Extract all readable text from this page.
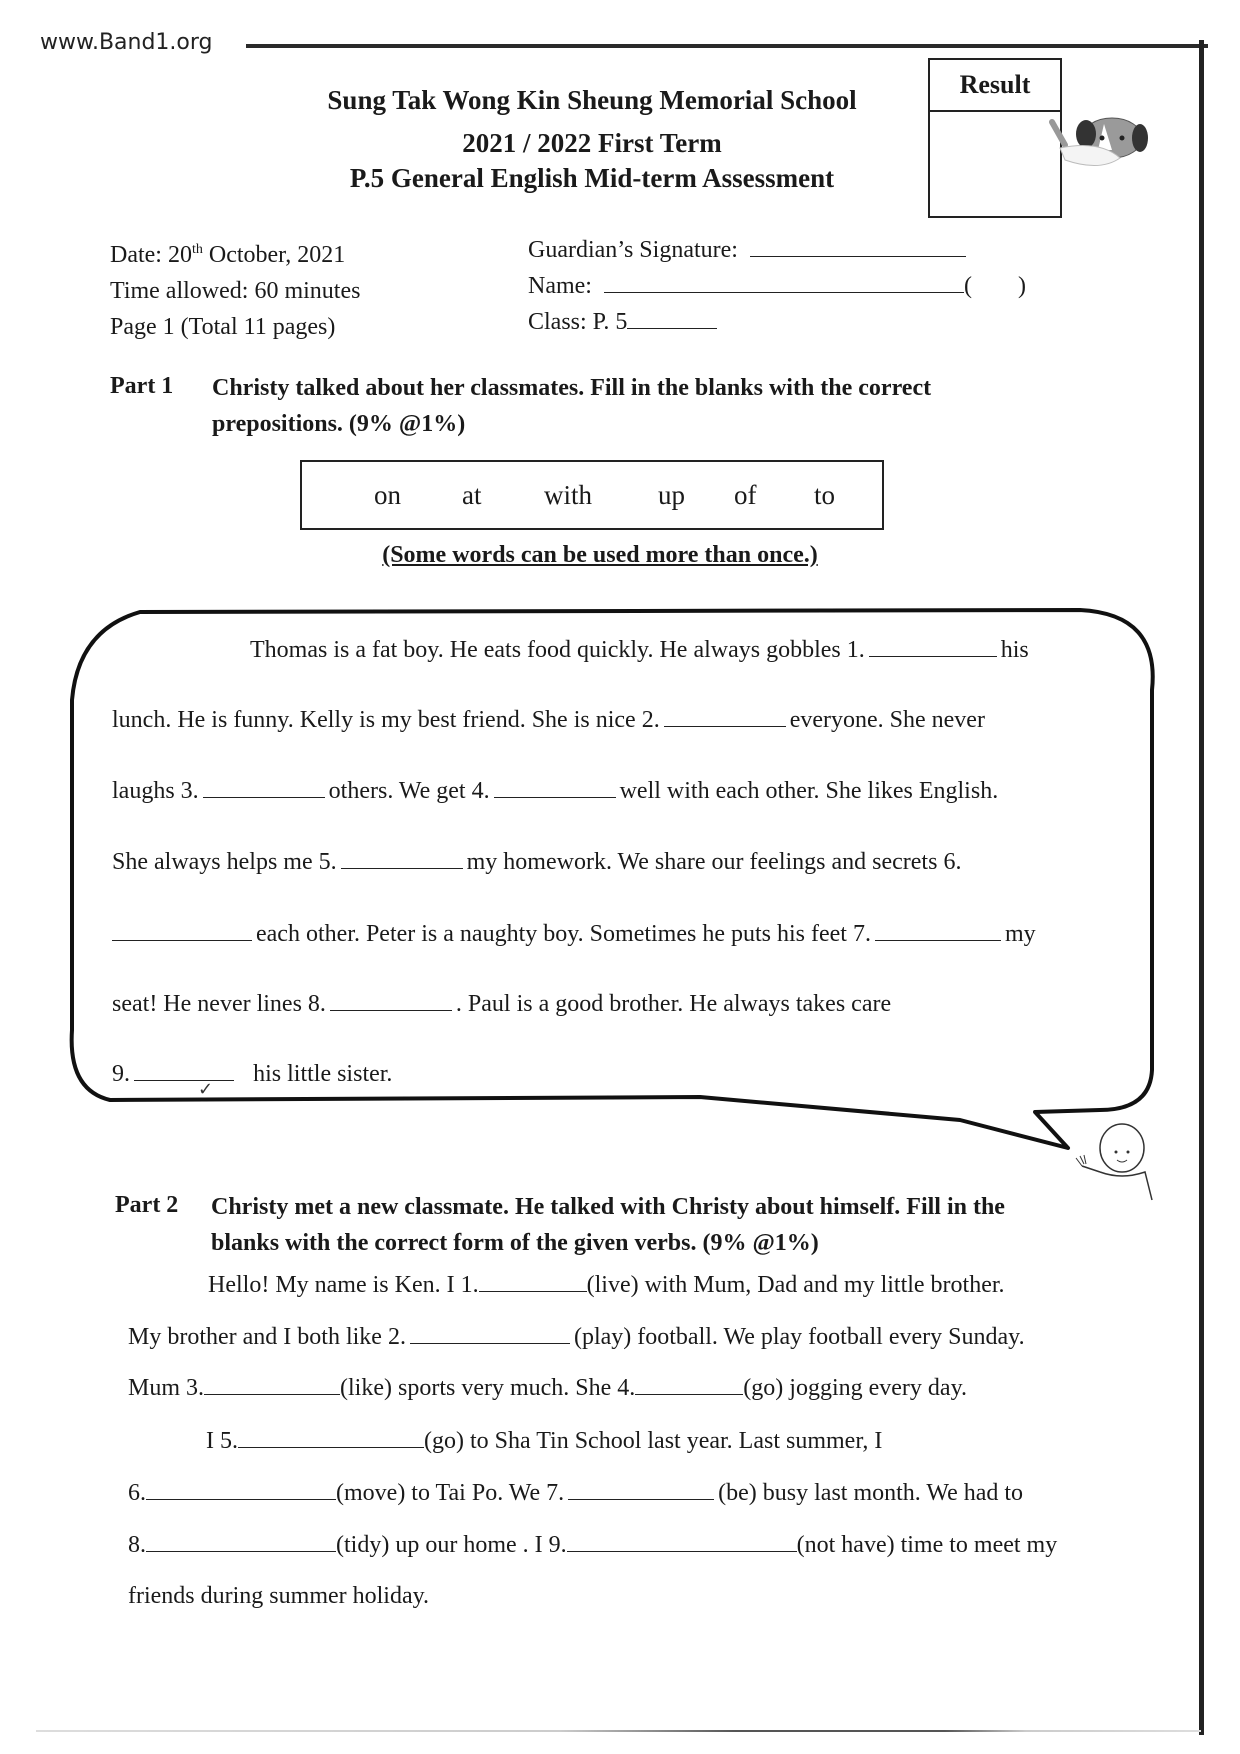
www.Band1.org
Sung Tak Wong Kin Sheung Memorial School
2021 / 2022 First Term
P.5 General English Mid-term Assessment
Result
Date: 20th October, 2021
Time allowed: 60 minutes
Page 1 (Total 11 pages)
Guardian’s Signature:
Name:	( )
Class: P. 5
Part 1 Christy talked about her classmates. Fill in the blanks with the correct
prepositions. (9% @1%)
on at with up of to
(Some words can be used more than once.)
Thomas is a fat boy. He eats food quickly. He always gobbles 1.	his
lunch. He is funny. Kelly is my best friend. She is nice 2.	everyone. She never
laughs 3.	others. We get 4.	well with each other. She likes English.
She always helps me 5.	my homework. We share our feelings and secrets 6.
each other. Peter is a naughty boy. Sometimes he puts his feet 7.	my
seat! He never lines 8.	. Paul is a good brother. He always takes care
$9._✓his$ little sister.
Part 2 Christy met a new classmate. He talked with Christy about himself. Fill in the
blanks with the correct form of the given verbs. (9% @1%)
Hello! My name is Ken. I 1.	(live) with Mum, Dad and my little brother.
My brother and I both like 2.	(play) football. We play football every Sunday.
Mum 3.	(like) sports very much. She 4.	(go) jogging every day.
I 5.	(go) to Sha Tin School last year. Last summer, I
6.	(move) to Tai Po. We 7.	(be) busy last month. We had to
8.	(tidy) up our home . I 9.	(not have) time to meet my
friends during summer holiday.
